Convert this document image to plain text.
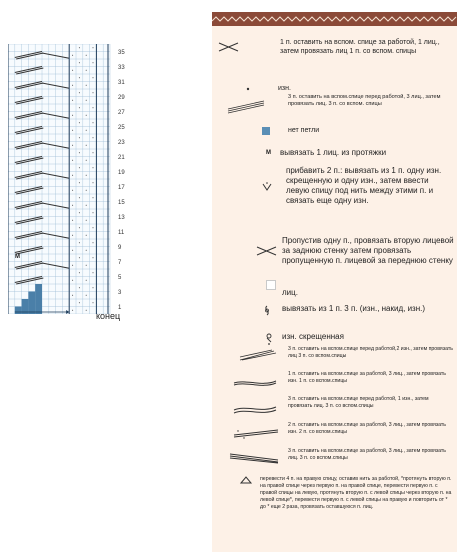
35
33
31
29
27
25
23
21
19
17
15
13
11
9
7
5
3
1
M
конец
1 п. оставить на вспом. спице за работой, 1 лиц., затем провязать лиц 1 п. со вспом. спицы
изн.
3 п. оставить на вспом.спице перед работой, 3 лиц., затем провязать лиц. 3 п. со вспом. спицы
нет петли
M вывязать 1 лиц. из протяжки
прибавить 2 п.: вывязать из 1 п. одну изн. скрещенную и одну изн., затем ввести левую спицу под нить между этими п. и связать еще одну изн.
Пропустив одну п., провязать вторую лицевой за заднюю стенку затем провязать пропущенную п. лицевой за переднюю стенку
лиц.
вывязать из 1 п. 3 п. (изн., накид, изн.)
изн. скрещенная
3 п. оставить на вспом.спице перед работой,2 изн., затем провязать лиц 3 п. со вспом.спицы
1 п. оставить на вспом.спице за работой, 3 лиц., затем провязать изн. 1 п. со вспом.спицы
3 п. оставить на вспом.спице перед работой, 1 изн., затем провязать лиц. 3 п. со вспом.спицы
2 п. оставить на вспом.спице за работой, 3 лиц., затем провязать изн. 2 п. со вспом.спицы
3 п. оставить на вспом.спице за работой, 3 лиц., затем провязать лиц. 3 п. со вспом.спицы
перевести 4 п. на правую спицу, оставив нить за работой, *протянуть вторую п. на правой спице через первую п. на правой спице, перевести первую п. с правой спицы на левую, протянуть вторую п. с левой спицы через вторую п. на левой спице*, перевести первую п. с левой спицы на правую и повторить от * до * еще 2 раза, провязать оставшуюся п. лиц.
